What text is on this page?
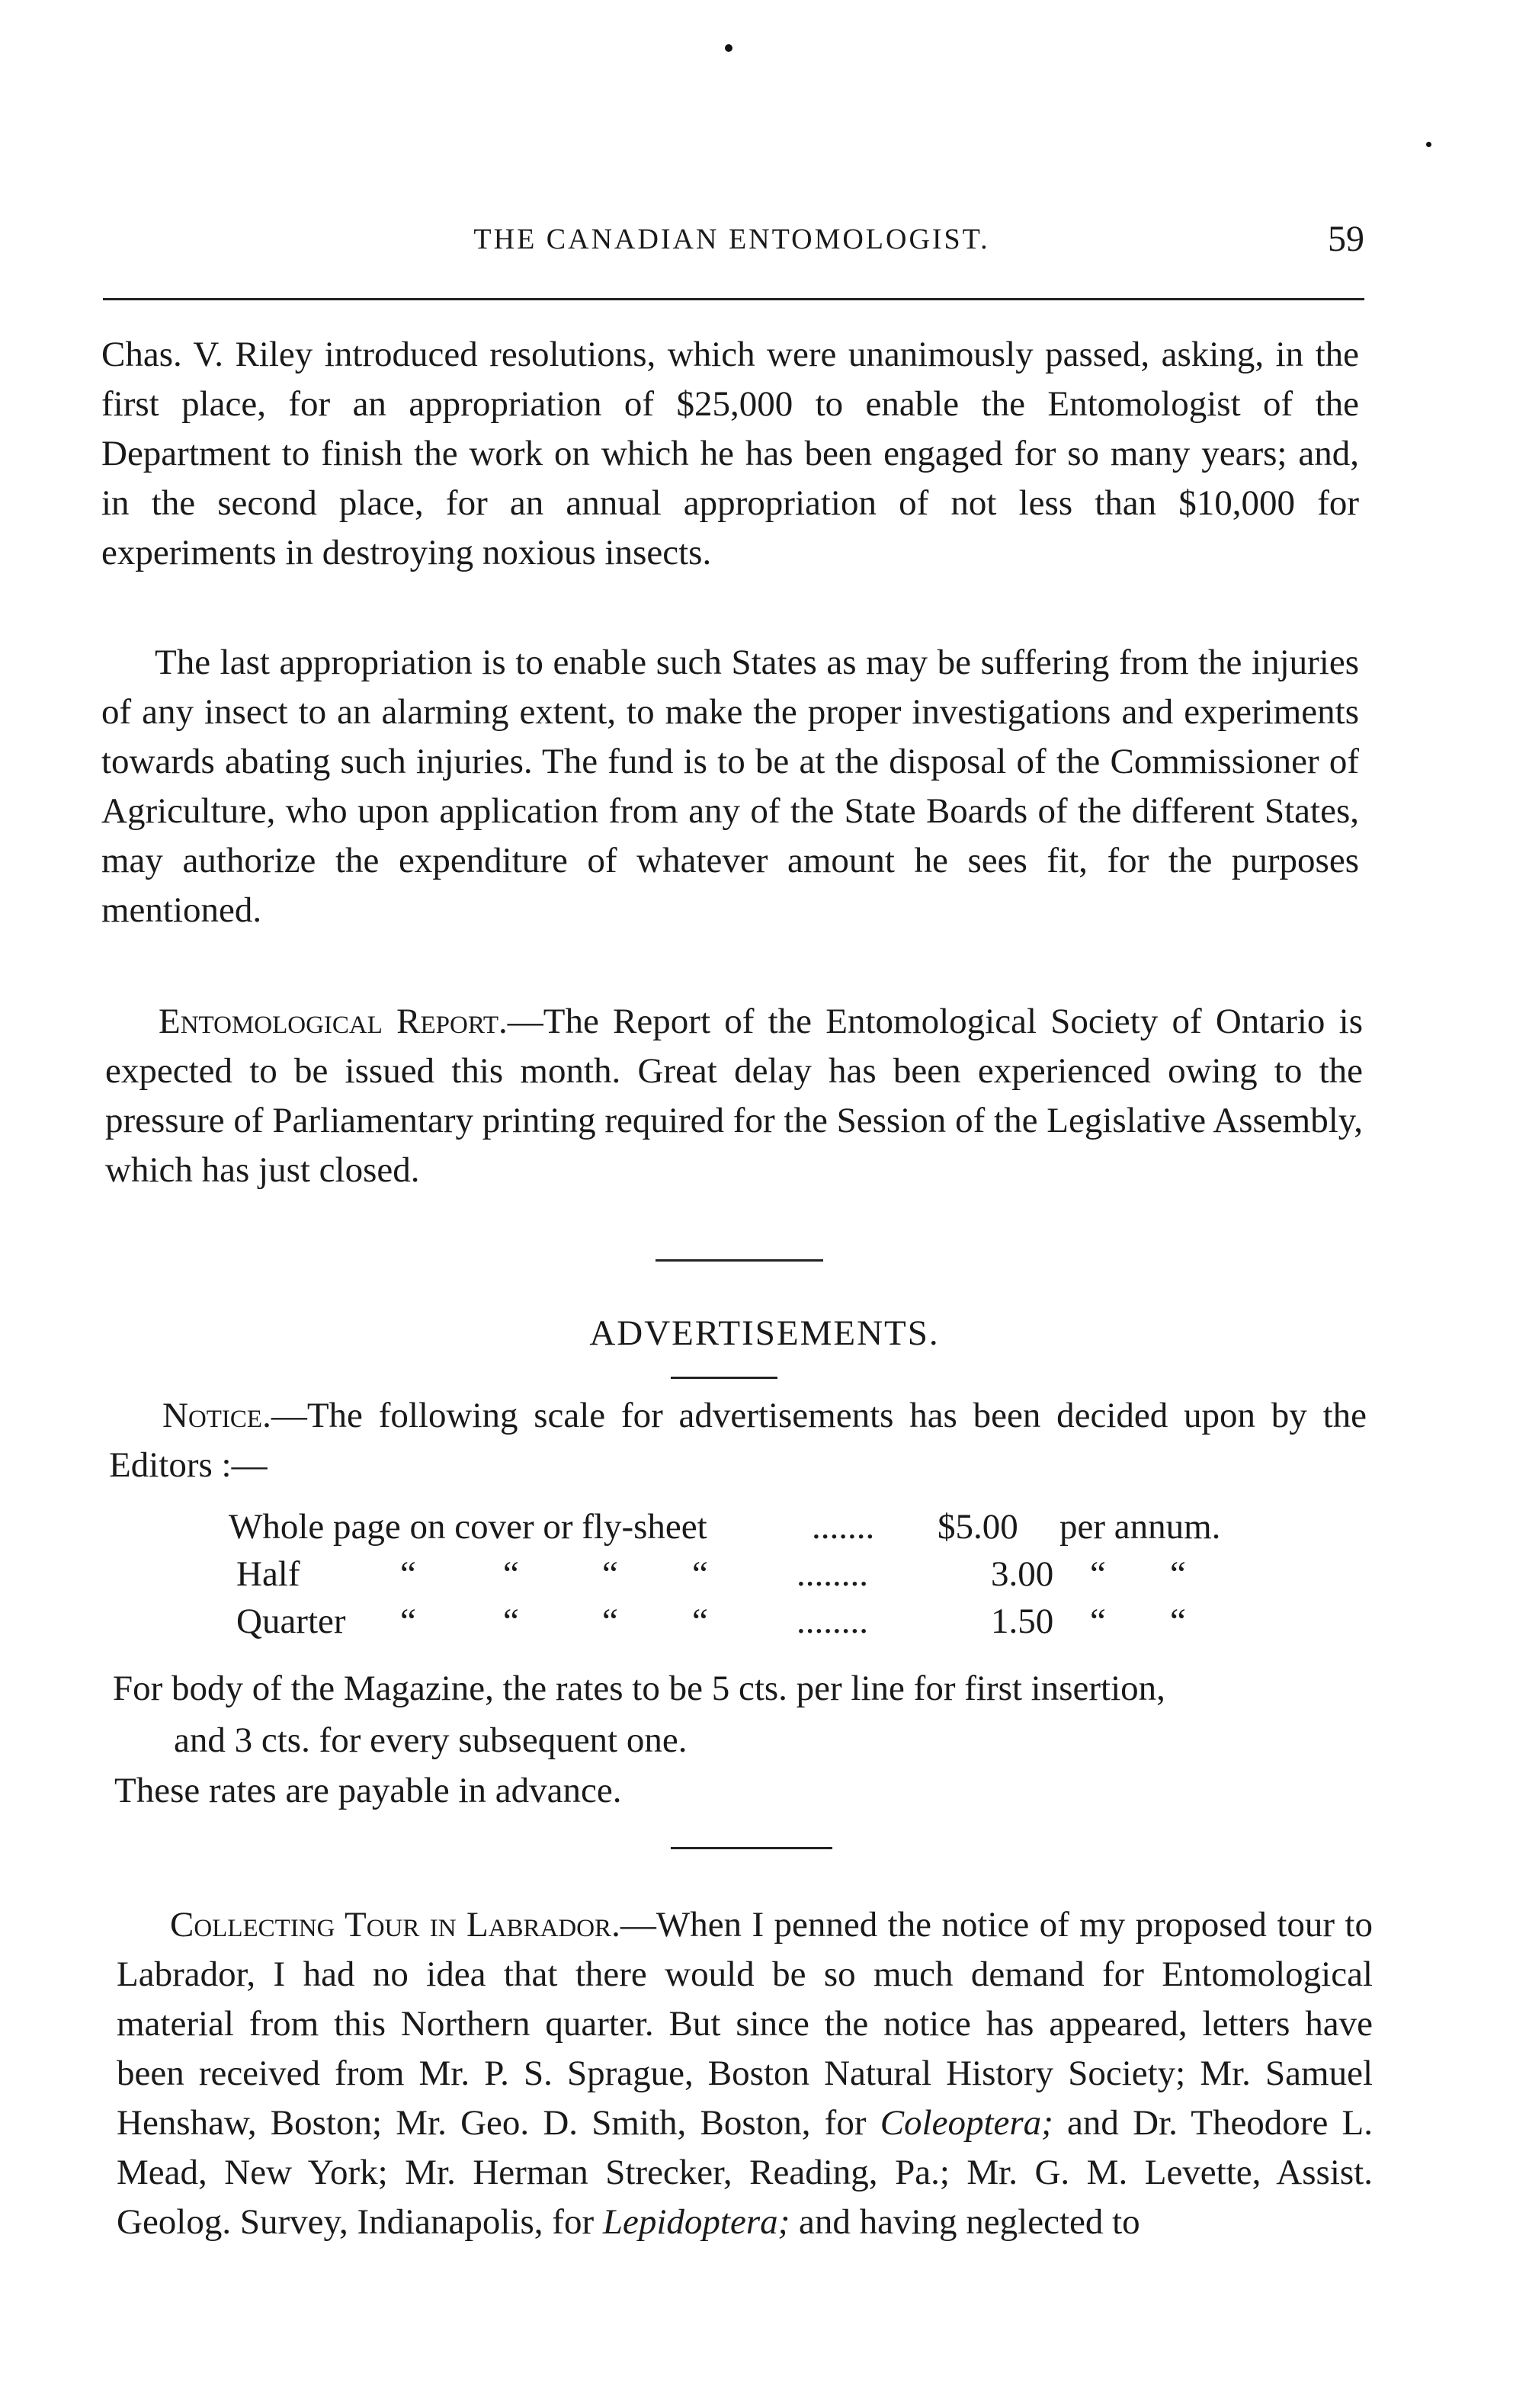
THE CANADIAN ENTOMOLOGIST.	59
Chas. V. Riley introduced resolutions, which were unanimously passed, asking, in the first place, for an appropriation of $25,000 to enable the Entomologist of the Department to finish the work on which he has been engaged for so many years; and, in the second place, for an annual appropriation of not less than $10,000 for experiments in destroying noxious insects.
The last appropriation is to enable such States as may be suffering from the injuries of any insect to an alarming extent, to make the proper investigations and experiments towards abating such injuries. The fund is to be at the disposal of the Commissioner of Agriculture, who upon application from any of the State Boards of the different States, may authorize the expenditure of whatever amount he sees fit, for the purposes mentioned.
Entomological Report.—The Report of the Entomological Society of Ontario is expected to be issued this month. Great delay has been experienced owing to the pressure of Parliamentary printing required for the Session of the Legislative Assembly, which has just closed.
ADVERTISEMENTS.
Notice.—The following scale for advertisements has been decided upon by the Editors :—
Whole page on cover or fly-sheet	....... $5.00 per annum.
Half	“ “ “ “ ........	3.00 “ “
Quarter “ “ “ “ ........	1.50 “ “
For body of the Magazine, the rates to be 5 cts. per line for first insertion,
and 3 cts. for every subsequent one.
These rates are payable in advance.
Collecting Tour in Labrador.—When I penned the notice of my proposed tour to Labrador, I had no idea that there would be so much demand for Entomological material from this Northern quarter. But since the notice has appeared, letters have been received from Mr. P. S. Sprague, Boston Natural History Society; Mr. Samuel Henshaw, Boston; Mr. Geo. D. Smith, Boston, for Coleoptera; and Dr. Theodore L. Mead, New York; Mr. Herman Strecker, Reading, Pa.; Mr. G. M. Levette, Assist. Geolog. Survey, Indianapolis, for Lepidoptera; and having neglected to
